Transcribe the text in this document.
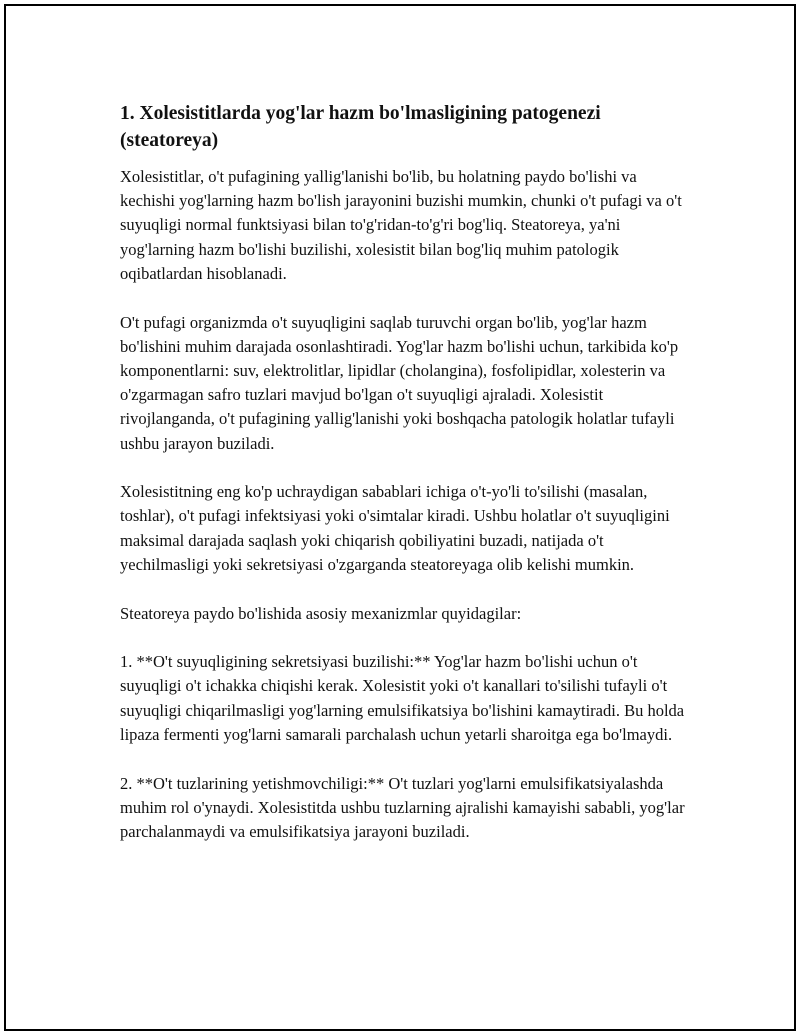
1. Xolesistitlarda yog'lar hazm bo'lmasligining patogenezi (steatoreya)

Xolesistitlar, o't pufagining yallig'lanishi bo'lib, bu holatning paydo bo'lishi va kechishi yog'larning hazm bo'lish jarayonini buzishi mumkin, chunki o't pufagi va o't suyuqligi normal funktsiyasi bilan to'g'ridan-to'g'ri bog'liq. Steatoreya, ya'ni yog'larning hazm bo'lishi buzilishi, xolesistit bilan bog'liq muhim patologik oqibatlardan hisoblanadi.

O't pufagi organizmda o't suyuqligini saqlab turuvchi organ bo'lib, yog'lar hazm bo'lishini muhim darajada osonlashtiradi. Yog'lar hazm bo'lishi uchun, tarkibida ko'p komponentlarni: suv, elektrolitlar, lipidlar (cholangina), fosfolipidlar, xolesterin va o'zgarmagan safro tuzlari mavjud bo'lgan o't suyuqligi ajraladi. Xolesistit rivojlanganda, o't pufagining yallig'lanishi yoki boshqacha patologik holatlar tufayli ushbu jarayon buziladi.

Xolesistitning eng ko'p uchraydigan sabablari ichiga o't-yo'li to'silishi (masalan, toshlar), o't pufagi infektsiyasi yoki o'simtalar kiradi. Ushbu holatlar o't suyuqligini maksimal darajada saqlash yoki chiqarish qobiliyatini buzadi, natijada o't yechilmasligi yoki sekretsiyasi o'zgarganda steatoreyaga olib kelishi mumkin.

Steatoreya paydo bo'lishida asosiy mexanizmlar quyidagilar:

1. **O't suyuqligining sekretsiyasi buzilishi:** Yog'lar hazm bo'lishi uchun o't suyuqligi o't ichakka chiqishi kerak. Xolesistit yoki o't kanallari to'silishi tufayli o't suyuqligi chiqarilmasligi yog'larning emulsifikatsiya bo'lishini kamaytiradi. Bu holda lipaza fermenti yog'larni samarali parchalash uchun yetarli sharoitga ega bo'lmaydi.

2. **O't tuzlarining yetishmovchiligi:** O't tuzlari yog'larni emulsifikatsiyalashda muhim rol o'ynaydi. Xolesistitda ushbu tuzlarning ajralishi kamayishi sababli, yog'lar parchalanmaydi va emulsifikatsiya jarayoni buziladi.
